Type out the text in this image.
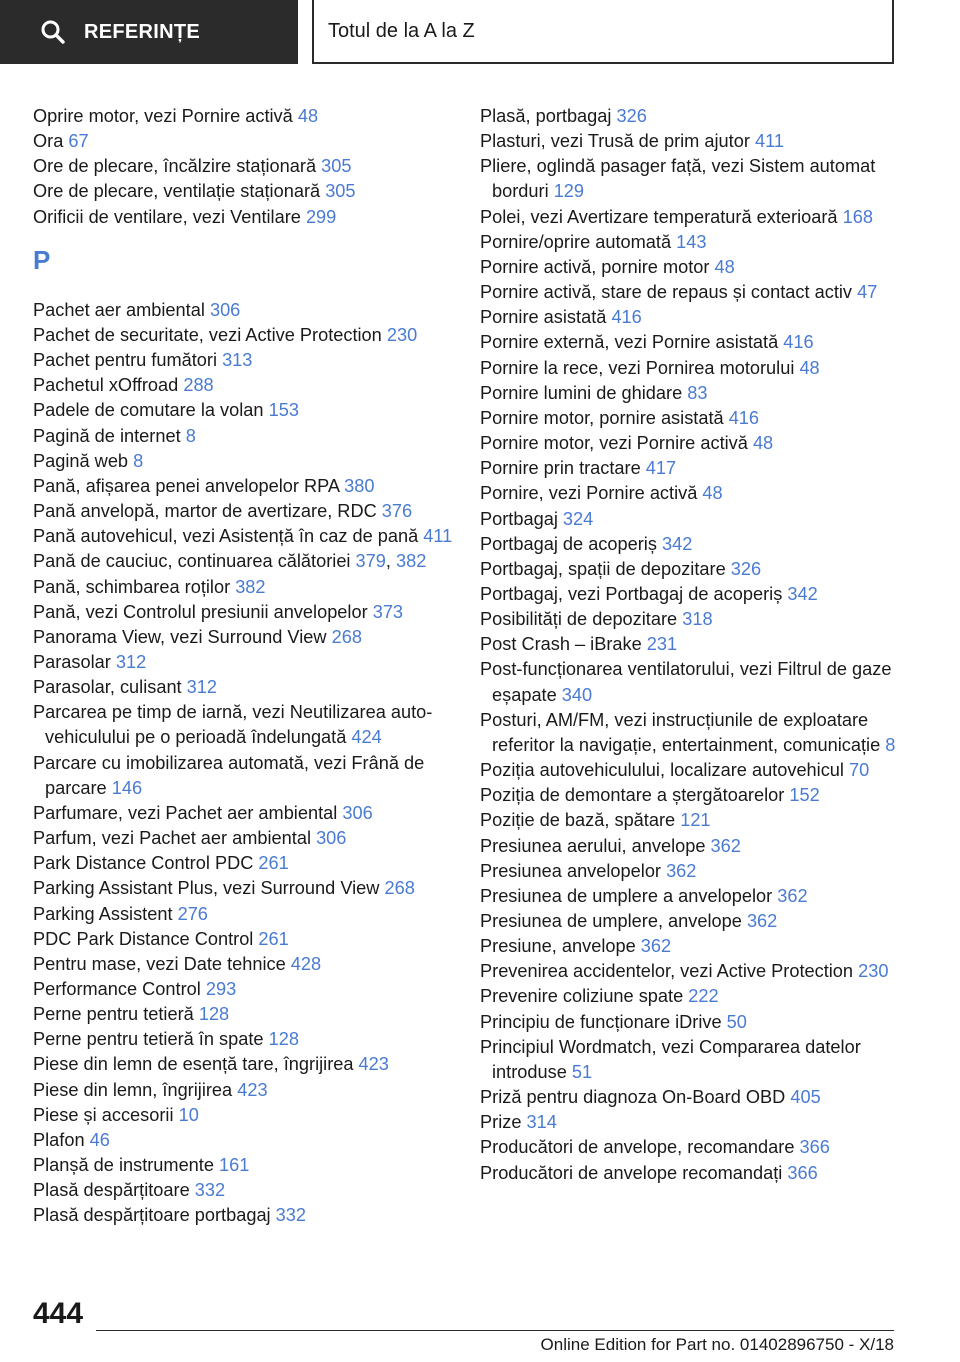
REFERINȚE	Totul de la A la Z
Oprire motor, vezi Pornire activă 48
Ora 67
Ore de plecare, încălzire staționară 305
Ore de plecare, ventilație staționară 305
Orificii de ventilare, vezi Ventilare 299
P
Pachet aer ambiental 306
Pachet de securitate, vezi Active Protection 230
Pachet pentru fumători 313
Pachetul xOffroad 288
Padele de comutare la volan 153
Pagină de internet 8
Pagină web 8
Pană, afișarea penei anvelopelor RPA 380
Pană anvelopă, martor de avertizare, RDC 376
Pană autovehicul, vezi Asistență în caz de pană 411
Pană de cauciuc, continuarea călătoriei 379, 382
Pană, schimbarea roților 382
Pană, vezi Controlul presiunii anvelopelor 373
Panorama View, vezi Surround View 268
Parasolar 312
Parasolar, culisant 312
Parcarea pe timp de iarnă, vezi Neutilizarea autovehiculului pe o perioadă îndelungată 424
Parcare cu imobilizarea automată, vezi Frână de parcare 146
Parfumare, vezi Pachet aer ambiental 306
Parfum, vezi Pachet aer ambiental 306
Park Distance Control PDC 261
Parking Assistant Plus, vezi Surround View 268
Parking Assistent 276
PDC Park Distance Control 261
Pentru mase, vezi Date tehnice 428
Performance Control 293
Perne pentru tetieră 128
Perne pentru tetieră în spate 128
Piese din lemn de esență tare, îngrijirea 423
Piese din lemn, îngrijirea 423
Piese și accesorii 10
Plafon 46
Planșă de instrumente 161
Plasă despărțitoare 332
Plasă despărțitoare portbagaj 332
Plasă, portbagaj 326
Plasturi, vezi Trusă de prim ajutor 411
Pliere, oglindă pasager față, vezi Sistem automat borduri 129
Polei, vezi Avertizare temperatură exterioară 168
Pornire/oprire automată 143
Pornire activă, pornire motor 48
Pornire activă, stare de repaus și contact activ 47
Pornire asistată 416
Pornire externă, vezi Pornire asistată 416
Pornire la rece, vezi Pornirea motorului 48
Pornire lumini de ghidare 83
Pornire motor, pornire asistată 416
Pornire motor, vezi Pornire activă 48
Pornire prin tractare 417
Pornire, vezi Pornire activă 48
Portbagaj 324
Portbagaj de acoperiș 342
Portbagaj, spații de depozitare 326
Portbagaj, vezi Portbagaj de acoperiș 342
Posibilități de depozitare 318
Post Crash – iBrake 231
Post-funcționarea ventilatorului, vezi Filtrul de gaze eșapate 340
Posturi, AM/FM, vezi instrucțiunile de exploatare referitor la navigație, entertainment, comunicație 8
Poziția autovehiculului, localizare autovehicul 70
Poziția de demontare a ștergătoarelor 152
Poziție de bază, spătare 121
Presiunea aerului, anvelope 362
Presiunea anvelopelor 362
Presiunea de umplere a anvelopelor 362
Presiunea de umplere, anvelope 362
Presiune, anvelope 362
Prevenirea accidentelor, vezi Active Protection 230
Prevenire coliziune spate 222
Principiu de funcționare iDrive 50
Principiul Wordmatch, vezi Compararea datelor introduse 51
Priză pentru diagnoza On-Board OBD 405
Prize 314
Producători de anvelope, recomandare 366
Producători de anvelope recomandați 366
444
Online Edition for Part no. 01402896750 - X/18
